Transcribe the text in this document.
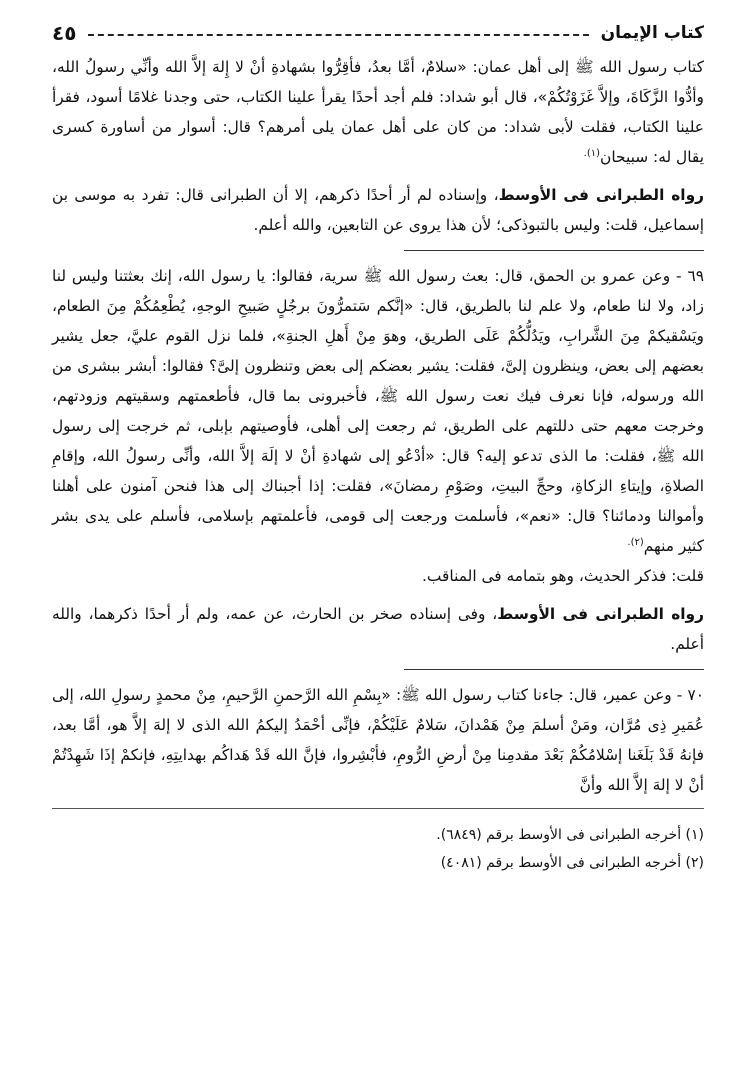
كتاب الإيمان
٤٥

كتاب رسول الله ﷺ إلى أهل عمان: «سلامٌ، أمَّا بعدُ، فأقِرُّوا بشهادةِ أنْ لا إِلهَ إلاَّ الله وأنِّي رسولُ الله، وأدُّوا الزَّكَاةَ، وإلاَّ غَزَوْتُكُمْ»، قال أبو شداد: فلم أجد أحدًا يقرأ علينا الكتاب، حتى وجدنا غلامًا أسود، فقرأ علينا الكتاب، فقلت لأبى شداد: من كان على أهل عمان يلى أمرهم؟ قال: أسوار من أساورة كسرى يقال له: سبيحان$^{(١).}$

رواه الطبرانى فى الأوسط، وإسناده لم أر أحدًا ذكرهم، إلا أن الطبرانى قال: تفرد به موسى بن إسماعيل، قلت: وليس بالتبوذكى؛ لأن هذا يروى عن التابعين، والله أعلم.

٦٩ - وعن عمرو بن الحمق، قال: بعث رسول الله ﷺ سرية، فقالوا: يا رسول الله، إنك بعثتنا وليس لنا زاد، ولا لنا طعام، ولا علم لنا بالطريق، قال: «إنَّكم سَتمرُّونَ برجُلٍ صَبيحِ الوجهِ، يُطْعِمُكُمْ مِنَ الطعام، ويَسْقيكمْ مِنَ الشَّرابِ، ويَدُلُّكُمْ عَلَى الطريق، وهوَ مِنْ أَهلِ الجنةِ»، فلما نزل القوم عليَّ، جعل يشير بعضهم إلى بعض، وينظرون إلىَّ، فقلت: يشير بعضكم إلى بعض وتنظرون إلىَّ؟ فقالوا: أبشر ببشرى من الله ورسوله، فإنا نعرف فيك نعت رسول الله ﷺ، فأخبرونى بما قال، فأطعمتهم وسقيتهم وزودتهم، وخرجت معهم حتى دللتهم على الطريق، ثم رجعت إلى أهلى، فأوصيتهم بإبلى، ثم خرجت إلى رسول الله ﷺ، فقلت: ما الذى تدعو إليه؟ قال: «أدْعُو إلى شهادةِ أنْ لا إلَهَ إلاَّ الله، وأنِّى رسولُ الله، وإقامِ الصلاةِ، وإيتاءِ الزكاةِ، وحجِّ البيتِ، وصَوْمِ رمضانَ»، فقلت: إذا أجبناك إلى هذا فنحن آمنون على أهلنا وأموالنا ودمائنا؟ قال: «نعم»، فأسلمت ورجعت إلى قومى، فأعلمتهم بإسلامى، فأسلم على يدى بشر كثير منهم$^{(٢).}$

قلت: فذكر الحديث، وهو بتمامه فى المناقب.

رواه الطبرانى فى الأوسط، وفى إسناده صخر بن الحارث، عن عمه، ولم أر أحدًا ذكرهما، والله أعلم.

٧٠ - وعن عمير، قال: جاءنا كتاب رسول الله ﷺ: «بِسْمِ الله الرَّحمنِ الرَّحيمِ، مِنْ محمدٍ رسولِ الله، إلى عُمَيرِ ذِى مُرَّان، ومَنْ أسلمَ مِنْ هَمْدانَ، سَلامٌ عَلَيْكُمْ، فإنِّى أحْمَدُ إليكمُ الله الذى لا إلهَ إلاَّ هو، أمَّا بعد، فإنهُ قَدْ بَلَغَنا إسْلامُكُمْ بَعْدَ مقدمِنا مِنْ أرضِ الرُّومِ، فأبْشِروا، فإنَّ الله قَدْ هَداكُم بهدايتِهِ، فإنكمْ إذَا شَهِدْتُمْ أنْ لا إلهَ إلاَّ الله وأنَّ

(١) أخرجه الطبرانى فى الأوسط برقم (٦٨٤٩).
(٢) أخرجه الطبرانى فى الأوسط برقم (٤٠٨١)
